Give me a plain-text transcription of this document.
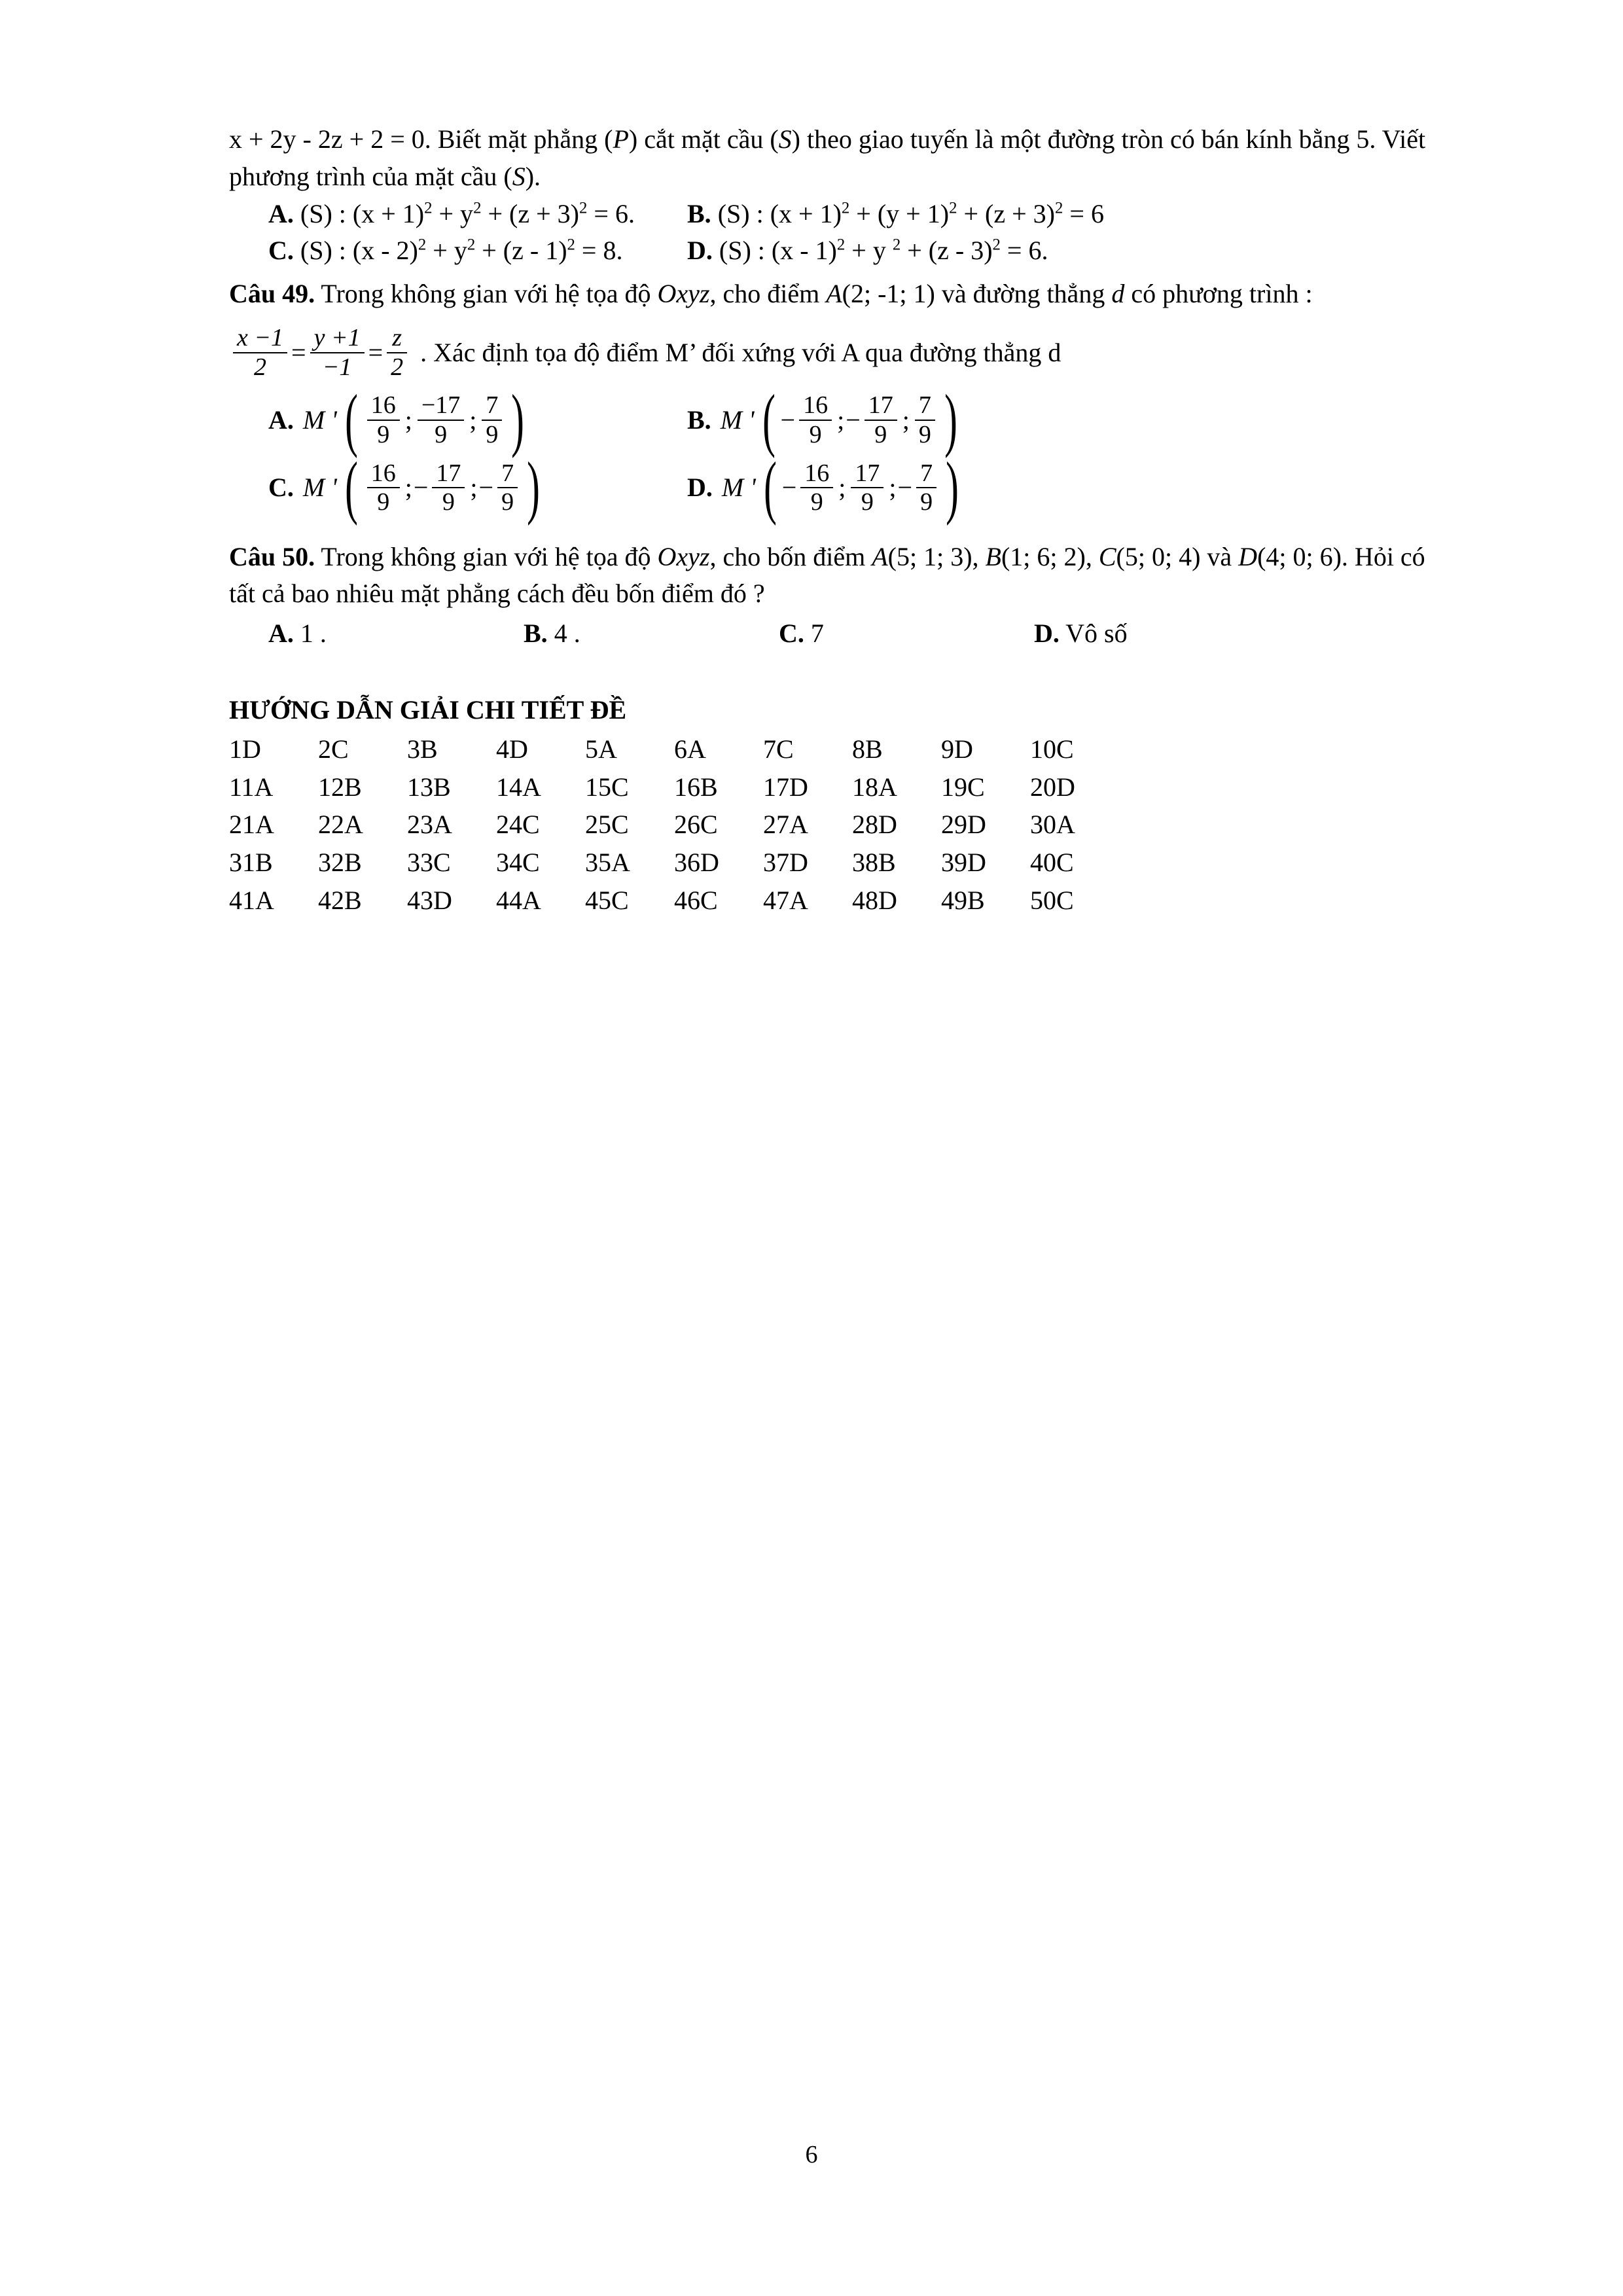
x + 2y - 2z + 2 = 0. Biết mặt phẳng (P) cắt mặt cầu (S) theo giao tuyến là một đường tròn có bán kính bằng 5. Viết phương trình của mặt cầu (S).

A. (S) : $(x + 1)^2 + y^2 + (z + 3)^2 = 6$.	B. (S) : $(x + 1)^2 + (y + 1)^2 + (z + 3)^2 = 6$
C. (S) : $(x - 2)^2 + y^2 + (z - 1)^2 = 8$.	D. (S) : (x - 1)$^2$ + y $^2$ + (z - 3)$^2$ = 6.

Câu 49. Trong không gian với hệ tọa độ Oxyz, cho điểm A(2; -1; 1) và đường thẳng d có phương trình :

$\frac{x -1}{2} = \frac{y +1}{-1} = \frac{z}{2}$ . Xác định tọa độ điểm M’ đối xứng với A qua đường thẳng d
A. M ' ( $\frac{16}{9}$ ; $\frac{-17}{9}$ ; $\frac{7}{9}$ )	B. M ' ( − $\frac{16}{9}$ ; − $\frac{17}{9}$ ; $\frac{7}{9}$ )
C. M ' ( $\frac{16}{9}$ ; − $\frac{17}{9}$ ; − $\frac{7}{9}$ )	D. M ' ( − $\frac{16}{9}$ ; $\frac{17}{9}$ ; − $\frac{7}{9}$ )

Câu 50. Trong không gian với hệ tọa độ Oxyz, cho bốn điểm A(5; 1; 3), B(1; 6; 2), C(5; 0; 4) và D(4; 0; 6). Hỏi có tất cả bao nhiêu mặt phẳng cách đều bốn điểm đó ?

A. 1 .	B. 4 .	C. 7	D. Vô số
HƯỚNG DẪN GIẢI CHI TIẾT ĐỀ
1D	2C	3B	4D	5A	6A	7C	8B	9D	10C
11A	12B	13B	14A	15C	16B	17D	18A	19C	20D
21A	22A	23A	24C	25C	26C	27A	28D	29D	30A
31B	32B	33C	34C	35A	36D	37D	38B	39D	40C
41A	42B	43D	44A	45C	46C	47A	48D	49B	50C
6
